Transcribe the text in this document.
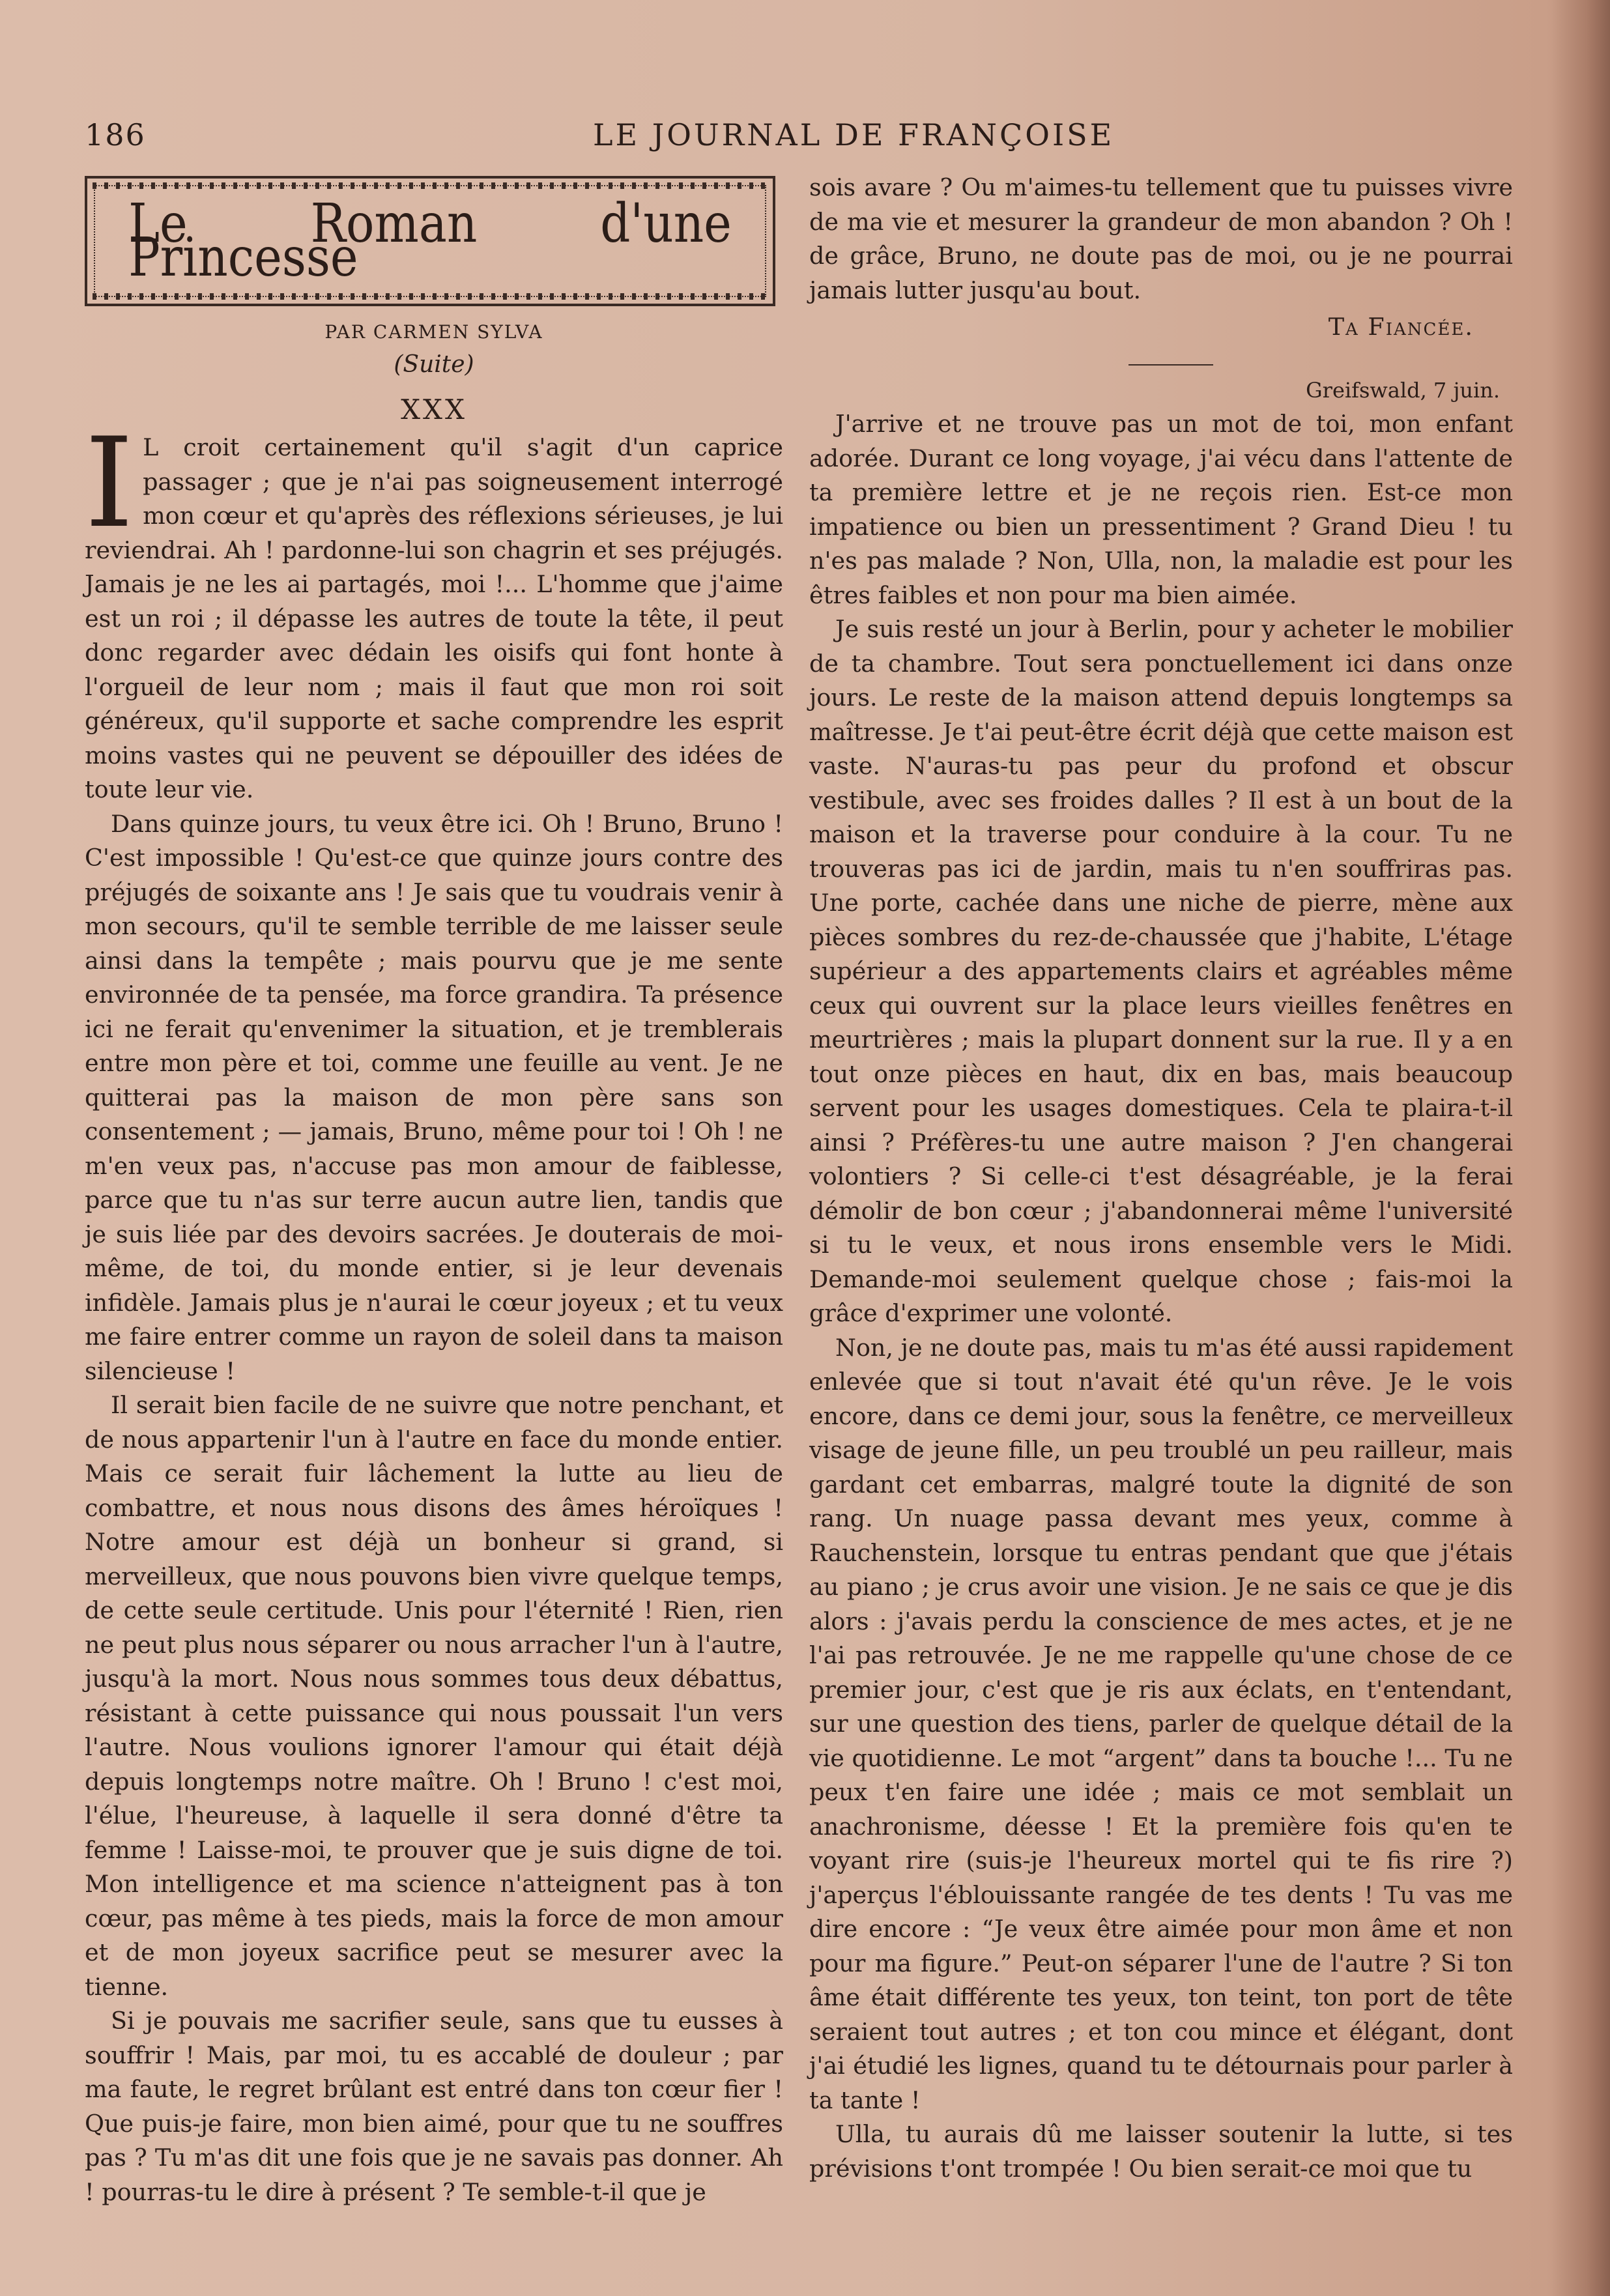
186	LE JOURNAL DE FRANÇOISE
Le Roman d'une Princesse
PAR CARMEN SYLVA
(Suite)
XXX

I L croit certainement qu'il s'agit d'un caprice passager ; que je n'ai pas soigneusement interrogé mon cœur et qu'après des réflexions sérieuses, je lui reviendrai. Ah ! pardonne-lui son chagrin et ses préjugés. Jamais je ne les ai partagés, moi !... L'homme que j'aime est un roi ; il dépasse les autres de toute la tête, il peut donc regarder avec dédain les oisifs qui font honte à l'orgueil de leur nom ; mais il faut que mon roi soit généreux, qu'il supporte et sache comprendre les esprit moins vastes qui ne peuvent se dépouiller des idées de toute leur vie.

Dans quinze jours, tu veux être ici. Oh ! Bruno, Bruno ! C'est impossible ! Qu'est-ce que quinze jours contre des préjugés de soixante ans ! Je sais que tu voudrais venir à mon secours, qu'il te semble terrible de me laisser seule ainsi dans la tempête ; mais pourvu que je me sente environnée de ta pensée, ma force grandira. Ta présence ici ne ferait qu'envenimer la situation, et je tremblerais entre mon père et toi, comme une feuille au vent. Je ne quitterai pas la maison de mon père sans son consentement ; — jamais, Bruno, même pour toi ! Oh ! ne m'en veux pas, n'accuse pas mon amour de faiblesse, parce que tu n'as sur terre aucun autre lien, tandis que je suis liée par des devoirs sacrées. Je douterais de moi-même, de toi, du monde entier, si je leur devenais infidèle. Jamais plus je n'aurai le cœur joyeux ; et tu veux me faire entrer comme un rayon de soleil dans ta maison silencieuse !

Il serait bien facile de ne suivre que notre penchant, et de nous appartenir l'un à l'autre en face du monde entier. Mais ce serait fuir lâchement la lutte au lieu de combattre, et nous nous disons des âmes héroïques ! Notre amour est déjà un bonheur si grand, si merveilleux, que nous pouvons bien vivre quelque temps, de cette seule certitude. Unis pour l'éternité ! Rien, rien ne peut plus nous séparer ou nous arracher l'un à l'autre, jusqu'à la mort. Nous nous sommes tous deux débattus, résistant à cette puissance qui nous poussait l'un vers l'autre. Nous voulions ignorer l'amour qui était déjà depuis longtemps notre maître. Oh ! Bruno ! c'est moi, l'élue, l'heureuse, à laquelle il sera donné d'être ta femme ! Laisse-moi, te prouver que je suis digne de toi. Mon intelligence et ma science n'atteignent pas à ton cœur, pas même à tes pieds, mais la force de mon amour et de mon joyeux sacrifice peut se mesurer avec la tienne.

Si je pouvais me sacrifier seule, sans que tu eusses à souffrir ! Mais, par moi, tu es accablé de douleur ; par ma faute, le regret brûlant est entré dans ton cœur fier ! Que puis-je faire, mon bien aimé, pour que tu ne souffres pas ? Tu m'as dit une fois que je ne savais pas donner. Ah ! pourras-tu le dire à présent ? Te semble-t-il que je

sois avare ? Ou m'aimes-tu tellement que tu puisses vivre de ma vie et mesurer la grandeur de mon abandon ? Oh ! de grâce, Bruno, ne doute pas de moi, ou je ne pourrai jamais lutter jusqu'au bout.

Ta Fiancée.
Greifswald, 7 juin.

J'arrive et ne trouve pas un mot de toi, mon enfant adorée. Durant ce long voyage, j'ai vécu dans l'attente de ta première lettre et je ne reçois rien. Est-ce mon impatience ou bien un pressentiment ? Grand Dieu ! tu n'es pas malade ? Non, Ulla, non, la maladie est pour les êtres faibles et non pour ma bien aimée.

Je suis resté un jour à Berlin, pour y acheter le mobilier de ta chambre. Tout sera ponctuellement ici dans onze jours. Le reste de la maison attend depuis longtemps sa maîtresse. Je t'ai peut-être écrit déjà que cette maison est vaste. N'auras-tu pas peur du profond et obscur vestibule, avec ses froides dalles ? Il est à un bout de la maison et la traverse pour conduire à la cour. Tu ne trouveras pas ici de jardin, mais tu n'en souffriras pas. Une porte, cachée dans une niche de pierre, mène aux pièces sombres du rez-de-chaussée que j'habite, L'étage supérieur a des appartements clairs et agréables même ceux qui ouvrent sur la place leurs vieilles fenêtres en meurtrières ; mais la plupart donnent sur la rue. Il y a en tout onze pièces en haut, dix en bas, mais beaucoup servent pour les usages domestiques. Cela te plaira-t-il ainsi ? Préfères-tu une autre maison ? J'en changerai volontiers ? Si celle-ci t'est désagréable, je la ferai démolir de bon cœur ; j'abandonnerai même l'université si tu le veux, et nous irons ensemble vers le Midi. Demande-moi seulement quelque chose ; fais-moi la grâce d'exprimer une volonté.

Non, je ne doute pas, mais tu m'as été aussi rapidement enlevée que si tout n'avait été qu'un rêve. Je le vois encore, dans ce demi jour, sous la fenêtre, ce merveilleux visage de jeune fille, un peu troublé un peu railleur, mais gardant cet embarras, malgré toute la dignité de son rang. Un nuage passa devant mes yeux, comme à Rauchenstein, lorsque tu entras pendant que que j'étais au piano ; je crus avoir une vision. Je ne sais ce que je dis alors : j'avais perdu la conscience de mes actes, et je ne l'ai pas retrouvée. Je ne me rappelle qu'une chose de ce premier jour, c'est que je ris aux éclats, en t'entendant, sur une question des tiens, parler de quelque détail de la vie quotidienne. Le mot “argent” dans ta bouche !... Tu ne peux t'en faire une idée ; mais ce mot semblait un anachronisme, déesse ! Et la première fois qu'en te voyant rire (suis-je l'heureux mortel qui te fis rire ?) j'aperçus l'éblouissante rangée de tes dents ! Tu vas me dire encore : “Je veux être aimée pour mon âme et non pour ma figure.” Peut-on séparer l'une de l'autre ? Si ton âme était différente tes yeux, ton teint, ton port de tête seraient tout autres ; et ton cou mince et élégant, dont j'ai étudié les lignes, quand tu te détournais pour parler à ta tante !

Ulla, tu aurais dû me laisser soutenir la lutte, si tes prévisions t'ont trompée ! Ou bien serait-ce moi que tu
